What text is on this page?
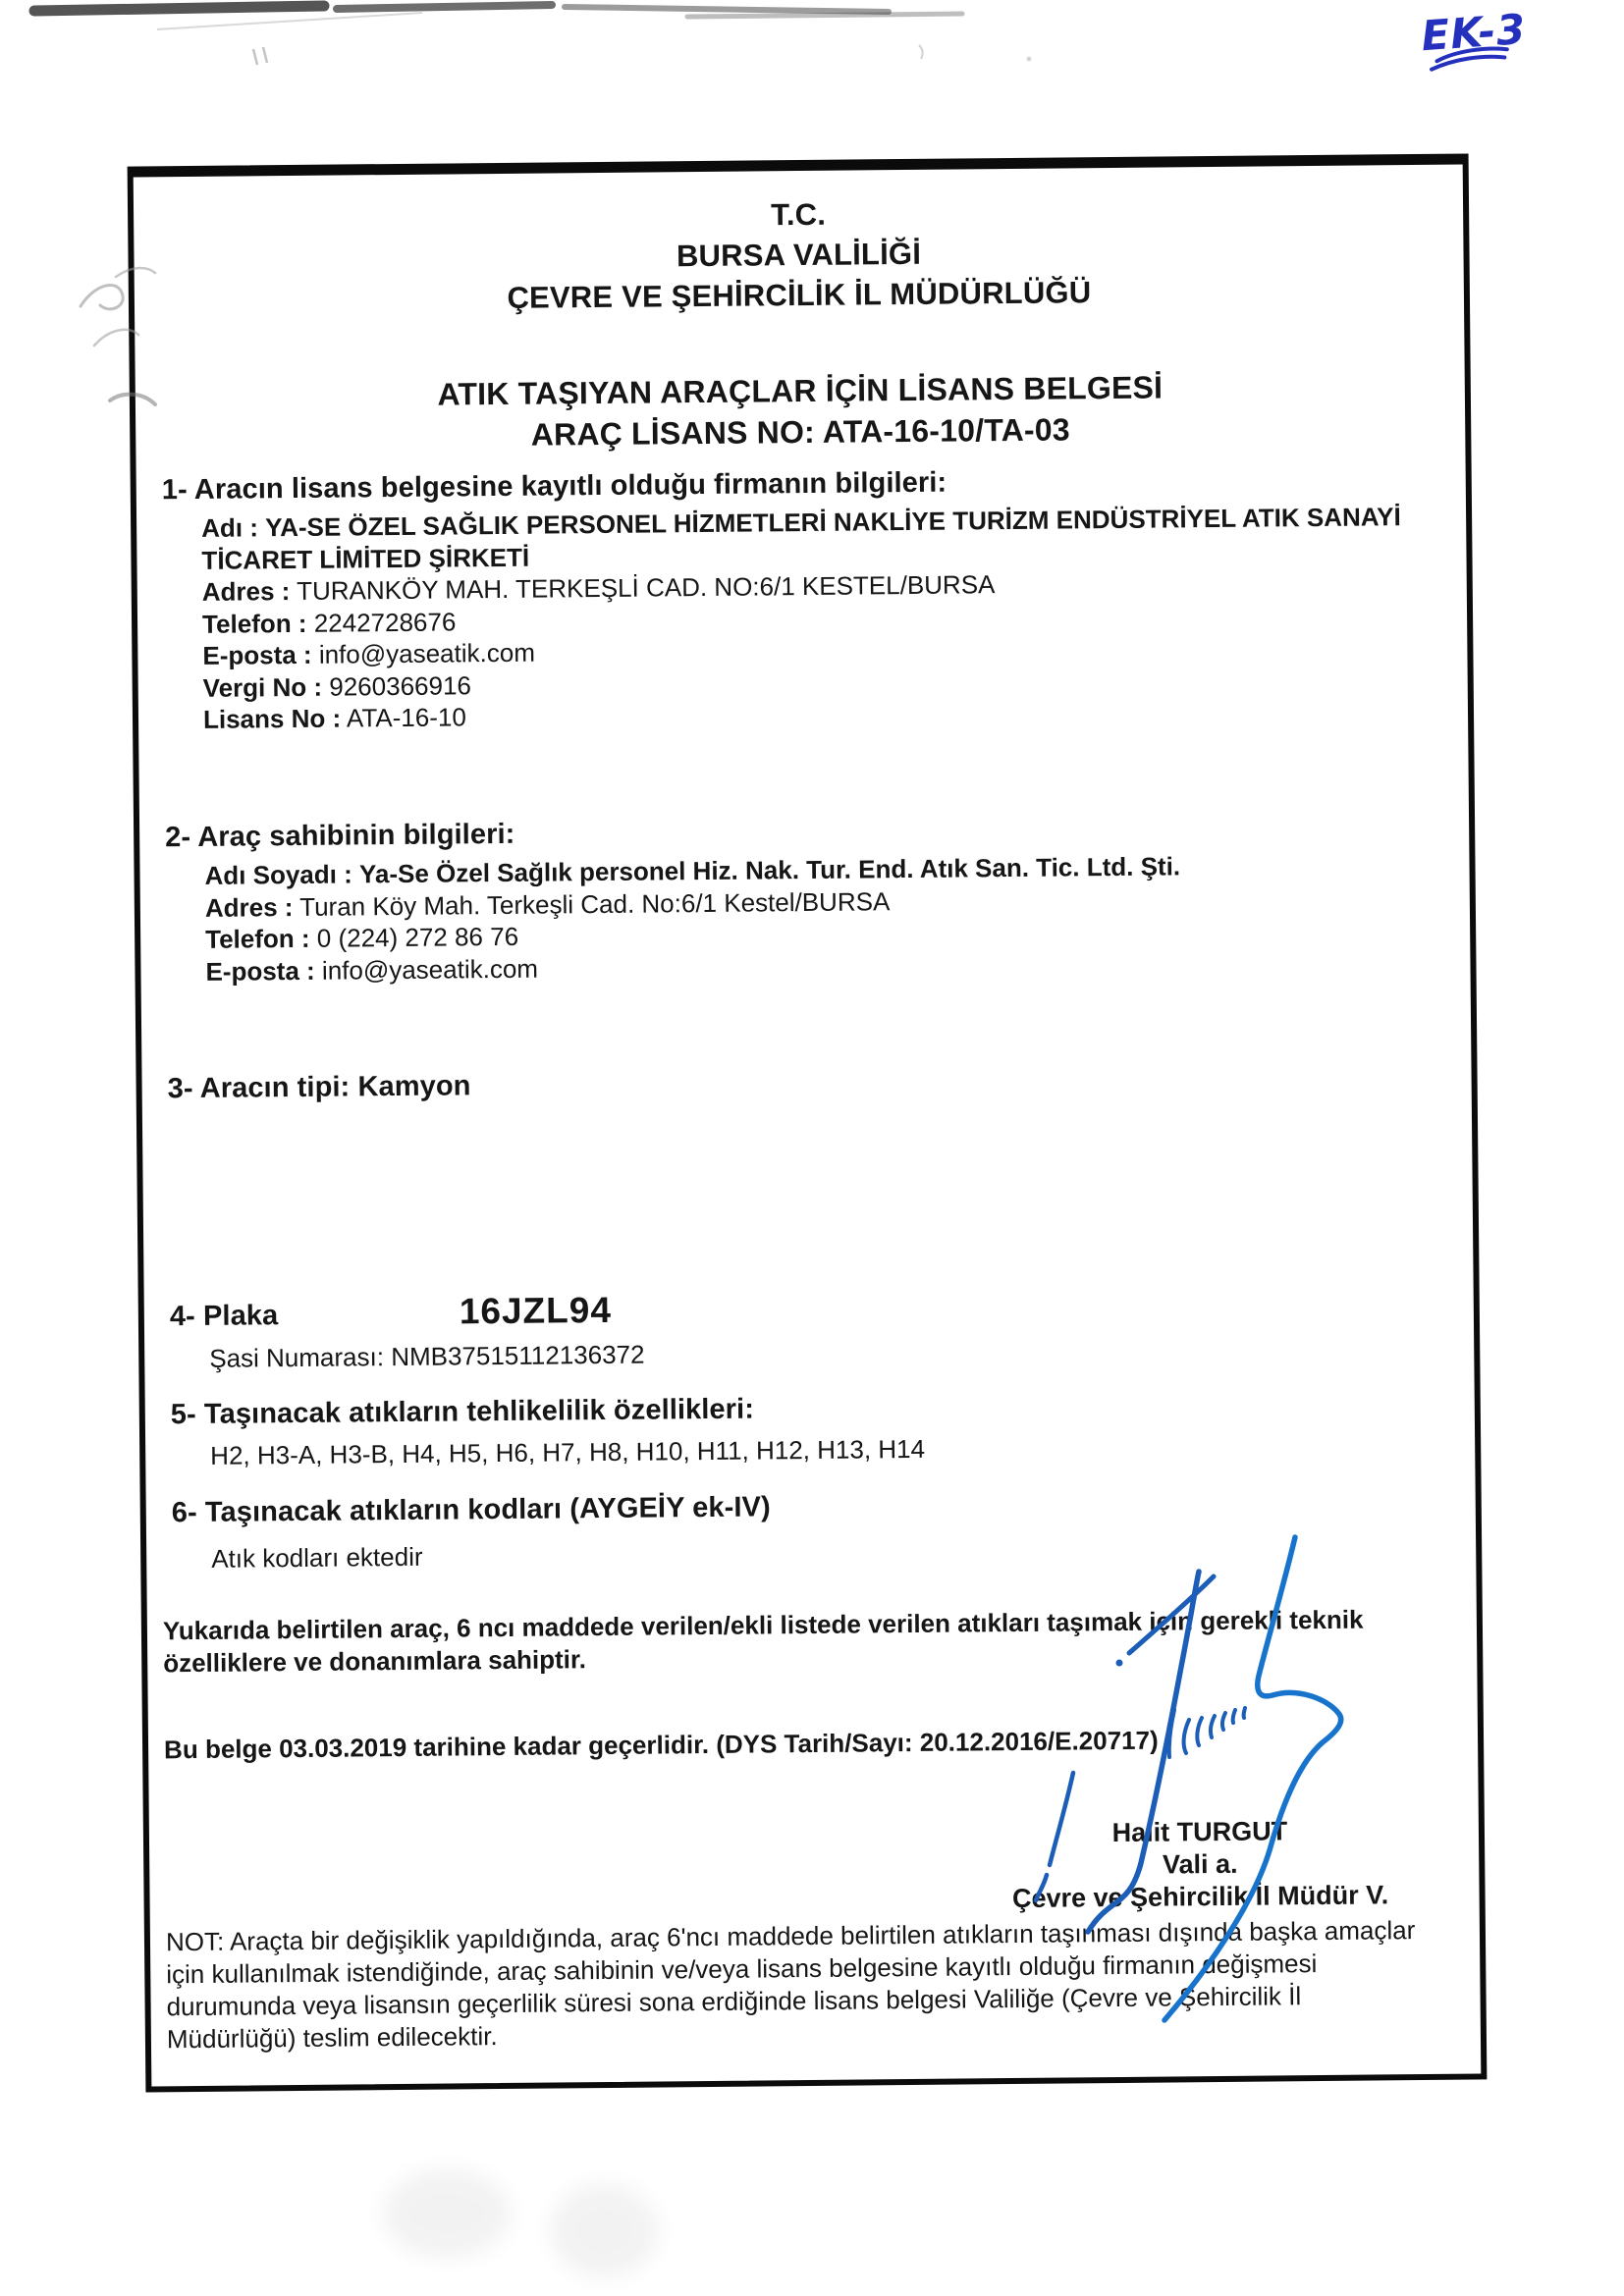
T.C.
BURSA VALİLİĞİ
ÇEVRE VE ŞEHİRCİLİK İL MÜDÜRLÜĞÜ
ATIK TAŞIYAN ARAÇLAR İÇİN LİSANS BELGESİ
ARAÇ LİSANS NO: ATA-16-10/TA-03
1- Aracın lisans belgesine kayıtlı olduğu firmanın bilgileri:
Adı : YA-SE ÖZEL SAĞLIK PERSONEL HİZMETLERİ NAKLİYE TURİZM ENDÜSTRİYEL ATIK SANAYİ
TİCARET LİMİTED ŞİRKETİ
Adres : TURANKÖY MAH. TERKEŞLİ CAD. NO:6/1 KESTEL/BURSA
Telefon : 2242728676
E-posta : info@yaseatik.com
Vergi No : 9260366916
Lisans No : ATA-16-10
2- Araç sahibinin bilgileri:
Adı Soyadı : Ya-Se Özel Sağlık personel Hiz. Nak. Tur. End. Atık San. Tic. Ltd. Şti.
Adres : Turan Köy Mah. Terkeşli Cad. No:6/1 Kestel/BURSA
Telefon : 0 (224) 272 86 76
E-posta : info@yaseatik.com
3- Aracın tipi: Kamyon
4- Plaka	16JZL94
Şasi Numarası: NMB37515112136372
5- Taşınacak atıkların tehlikelilik özellikleri:
H2, H3-A, H3-B, H4, H5, H6, H7, H8, H10, H11, H12, H13, H14
6- Taşınacak atıkların kodları (AYGEİY ek-IV)
Atık kodları ektedir
Yukarıda belirtilen araç, 6 ncı maddede verilen/ekli listede verilen atıkları taşımak için gerekli teknik
özelliklere ve donanımlara sahiptir.
Bu belge 03.03.2019 tarihine kadar geçerlidir. (DYS Tarih/Sayı: 20.12.2016/E.20717)
Halit TURGUT
Vali a.
Çevre ve Şehircilik İl Müdür V.
NOT: Araçta bir değişiklik yapıldığında, araç 6'ncı maddede belirtilen atıkların taşınması dışında başka amaçlar
için kullanılmak istendiğinde, araç sahibinin ve/veya lisans belgesine kayıtlı olduğu firmanın değişmesi
durumunda veya lisansın geçerlilik süresi sona erdiğinde lisans belgesi Valiliğe (Çevre ve Şehircilik İl
Müdürlüğü) teslim edilecektir.
EK-3
